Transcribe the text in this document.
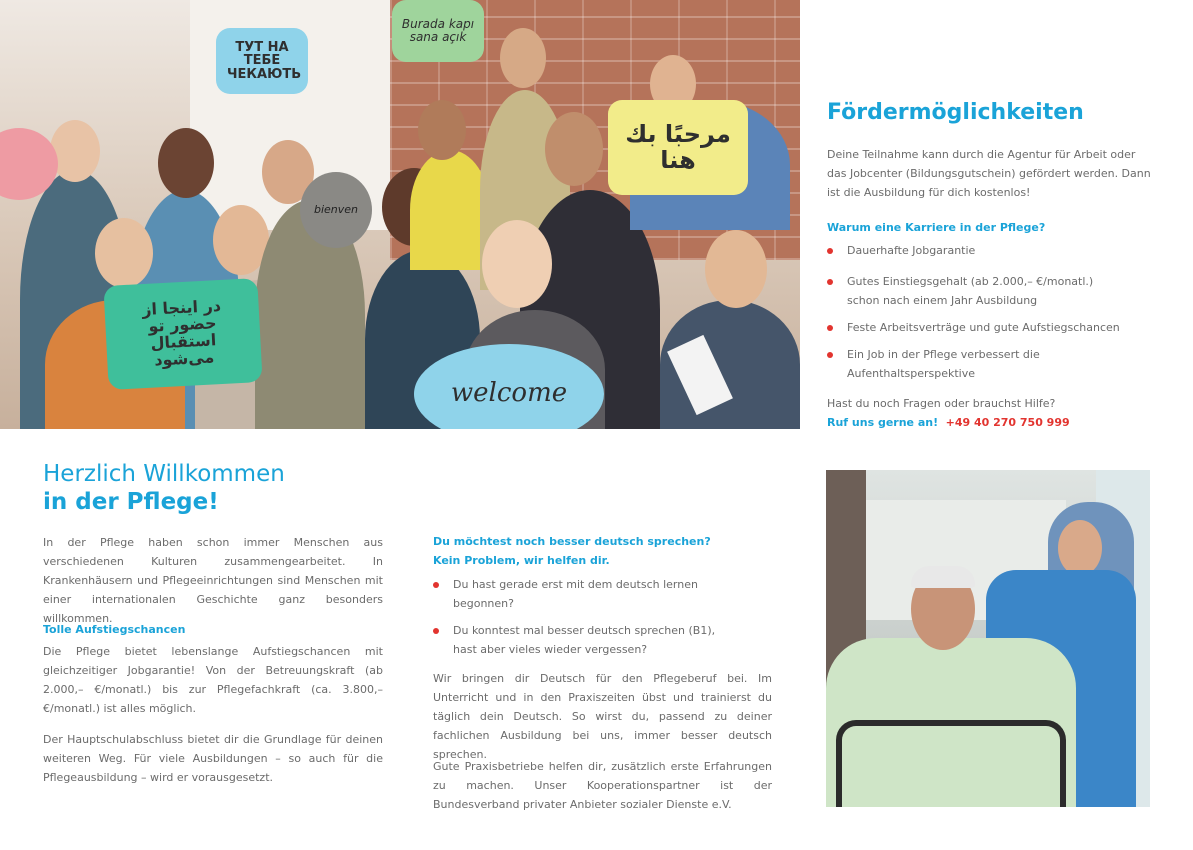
ТУТ НА ТЕБЕ ЧЕКАЮТЬ
Burada kapı sana açık
مرحبًا بك هنا
bienven
در اینجا از حضور تو استقبال می‌شود
welcome
Fördermöglichkeiten

Deine Teilnahme kann durch die Agentur für Arbeit oder das Jobcenter (Bildungsgutschein) gefördert werden. Dann ist die Ausbildung für dich kostenlos!

Warum eine Karriere in der Pflege?

Dauerhafte Jobgarantie
Gutes Einstiegsgehalt (ab 2.000,– €/monatl.) schon nach einem Jahr Ausbildung
Feste Arbeitsverträge und gute Aufstiegschancen
Ein Job in der Pflege verbessert die Aufenthaltsperspektive

Hast du noch Fragen oder brauchst Hilfe?

Ruf uns gerne an! +49 40 270 750 999

Herzlich Willkommen
in der Pflege!

In der Pflege haben schon immer Menschen aus verschiedenen Kulturen zusammengearbeitet. In Krankenhäusern und Pflegeeinrichtungen sind Menschen mit einer internationalen Geschichte ganz besonders willkommen.

Tolle Aufstiegschancen

Die Pflege bietet lebenslange Aufstiegschancen mit gleichzeitiger Jobgarantie! Von der Betreuungskraft (ab 2.000,– €/monatl.) bis zur Pflegefachkraft (ca. 3.800,– €/monatl.) ist alles möglich.

Der Hauptschulabschluss bietet dir die Grundlage für deinen weiteren Weg. Für viele Ausbildungen – so auch für die Pflegeausbildung – wird er vorausgesetzt.

Du möchtest noch besser deutsch sprechen?

Kein Problem, wir helfen dir.

Du hast gerade erst mit dem deutsch lernen begonnen?
Du konntest mal besser deutsch sprechen (B1), hast aber vieles wieder vergessen?

Wir bringen dir Deutsch für den Pflegeberuf bei. Im Unterricht und in den Praxiszeiten übst und trainierst du täglich dein Deutsch. So wirst du, passend zu deiner fachlichen Ausbildung bei uns, immer besser deutsch sprechen.

Gute Praxisbetriebe helfen dir, zusätzlich erste Erfahrungen zu machen. Unser Kooperationspartner ist der Bundesverband privater Anbieter sozialer Dienste e.V.
